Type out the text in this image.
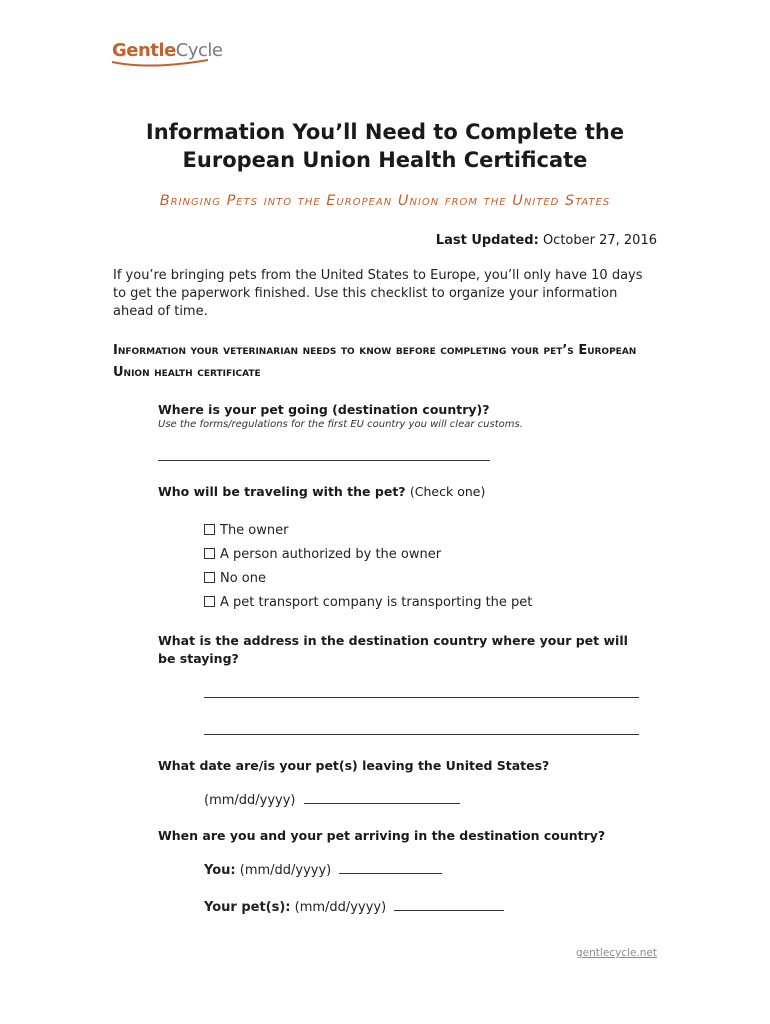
GentleCycle
Information You’ll Need to Complete the
European Union Health Certificate
Bringing Pets into the European Union from the United States
Last Updated: October 27, 2016
If you’re bringing pets from the United States to Europe, you’ll only have 10 days to get the paperwork finished. Use this checklist to organize your information ahead of time.
Information your veterinarian needs to know before completing your pet’s European Union health certificate
Where is your pet going (destination country)?
Use the forms/regulations for the first EU country you will clear customs.
Who will be traveling with the pet? (Check one)
The owner
A person authorized by the owner
No one
A pet transport company is transporting the pet
What is the address in the destination country where your pet will be staying?
What date are/is your pet(s) leaving the United States?
(mm/dd/yyyy)
When are you and your pet arriving in the destination country?
You: (mm/dd/yyyy)
Your pet(s): (mm/dd/yyyy)
gentlecycle.net
